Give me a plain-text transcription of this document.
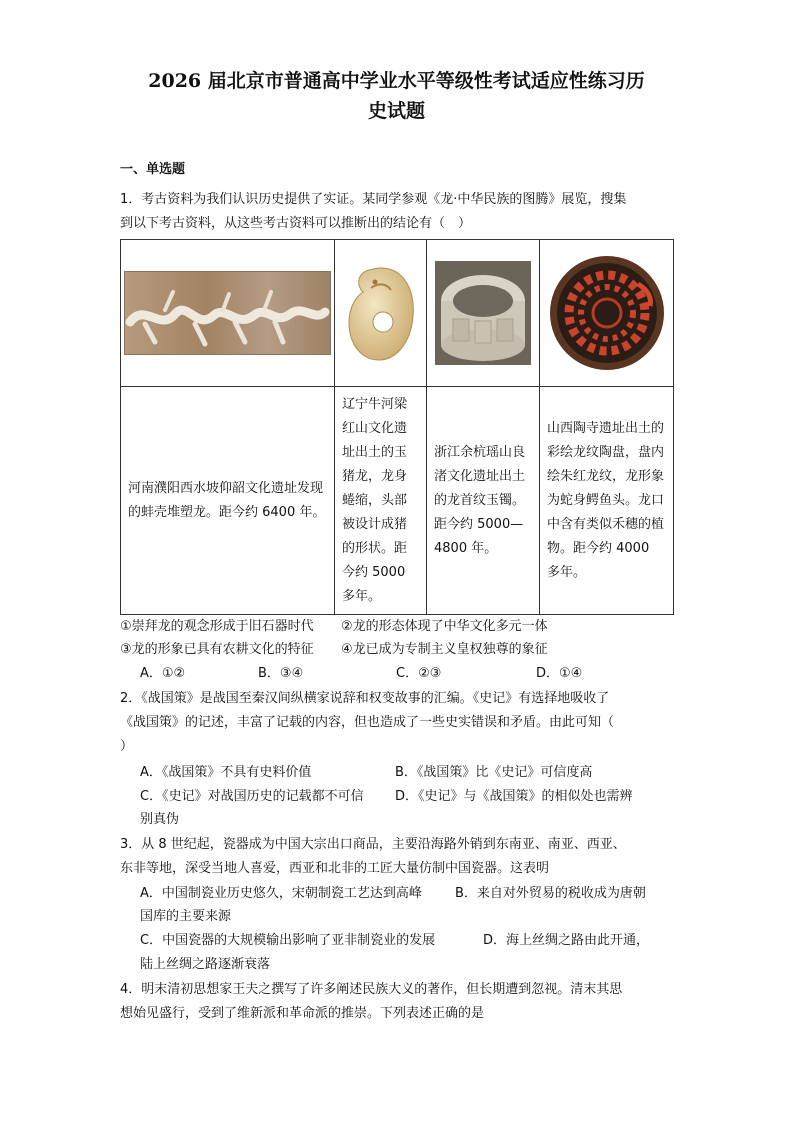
2026 届北京市普通高中学业水平等级性考试适应性练习历
史试题
一、单选题
1．考古资料为我们认识历史提供了实证。某同学参观《龙·中华民族的图腾》展览，搜集
到以下考古资料，从这些考古资料可以推断出的结论有（　）

河南濮阳西水坡仰韶文化遗址发现的蚌壳堆塑龙。距今约 6400 年。	辽宁牛河梁红山文化遗址出土的玉猪龙，龙身蜷缩，头部被设计成猪的形状。距今约 5000 多年。	浙江余杭瑶山良渚文化遗址出土的龙首纹玉镯。距今约 5000—4800 年。	山西陶寺遗址出土的彩绘龙纹陶盘，盘内绘朱红龙纹，龙形象为蛇身鳄鱼头。龙口中含有类似禾穗的植物。距今约 4000 多年。
①崇拜龙的观念形成于旧石器时代 ②龙的形态体现了中华文化多元一体
③龙的形象已具有农耕文化的特征 ④龙已成为专制主义皇权独尊的象征
A．①②	B．③④	C．②③	D．①④
2．《战国策》是战国至秦汉间纵横家说辞和权变故事的汇编。《史记》有选择地吸收了
《战国策》的记述，丰富了记载的内容，但也造成了一些史实错误和矛盾。由此可知（
）
A．《战国策》不具有史料价值	B．《战国策》比《史记》可信度高
C．《史记》对战国历史的记载都不可信 D．《史记》与《战国策》的相似处也需辨
别真伪
3．从 8 世纪起，瓷器成为中国大宗出口商品，主要沿海路外销到东南亚、南亚、西亚、
东非等地，深受当地人喜爱，西亚和北非的工匠大量仿制中国瓷器。这表明
A．中国制瓷业历史悠久，宋朝制瓷工艺达到高峰	B．来自对外贸易的税收成为唐朝
国库的主要来源
C．中国瓷器的大规模输出影响了亚非制瓷业的发展	D．海上丝绸之路由此开通，
陆上丝绸之路逐渐衰落
4．明末清初思想家王夫之撰写了许多阐述民族大义的著作，但长期遭到忽视。清末其思
想始见盛行，受到了维新派和革命派的推崇。下列表述正确的是
